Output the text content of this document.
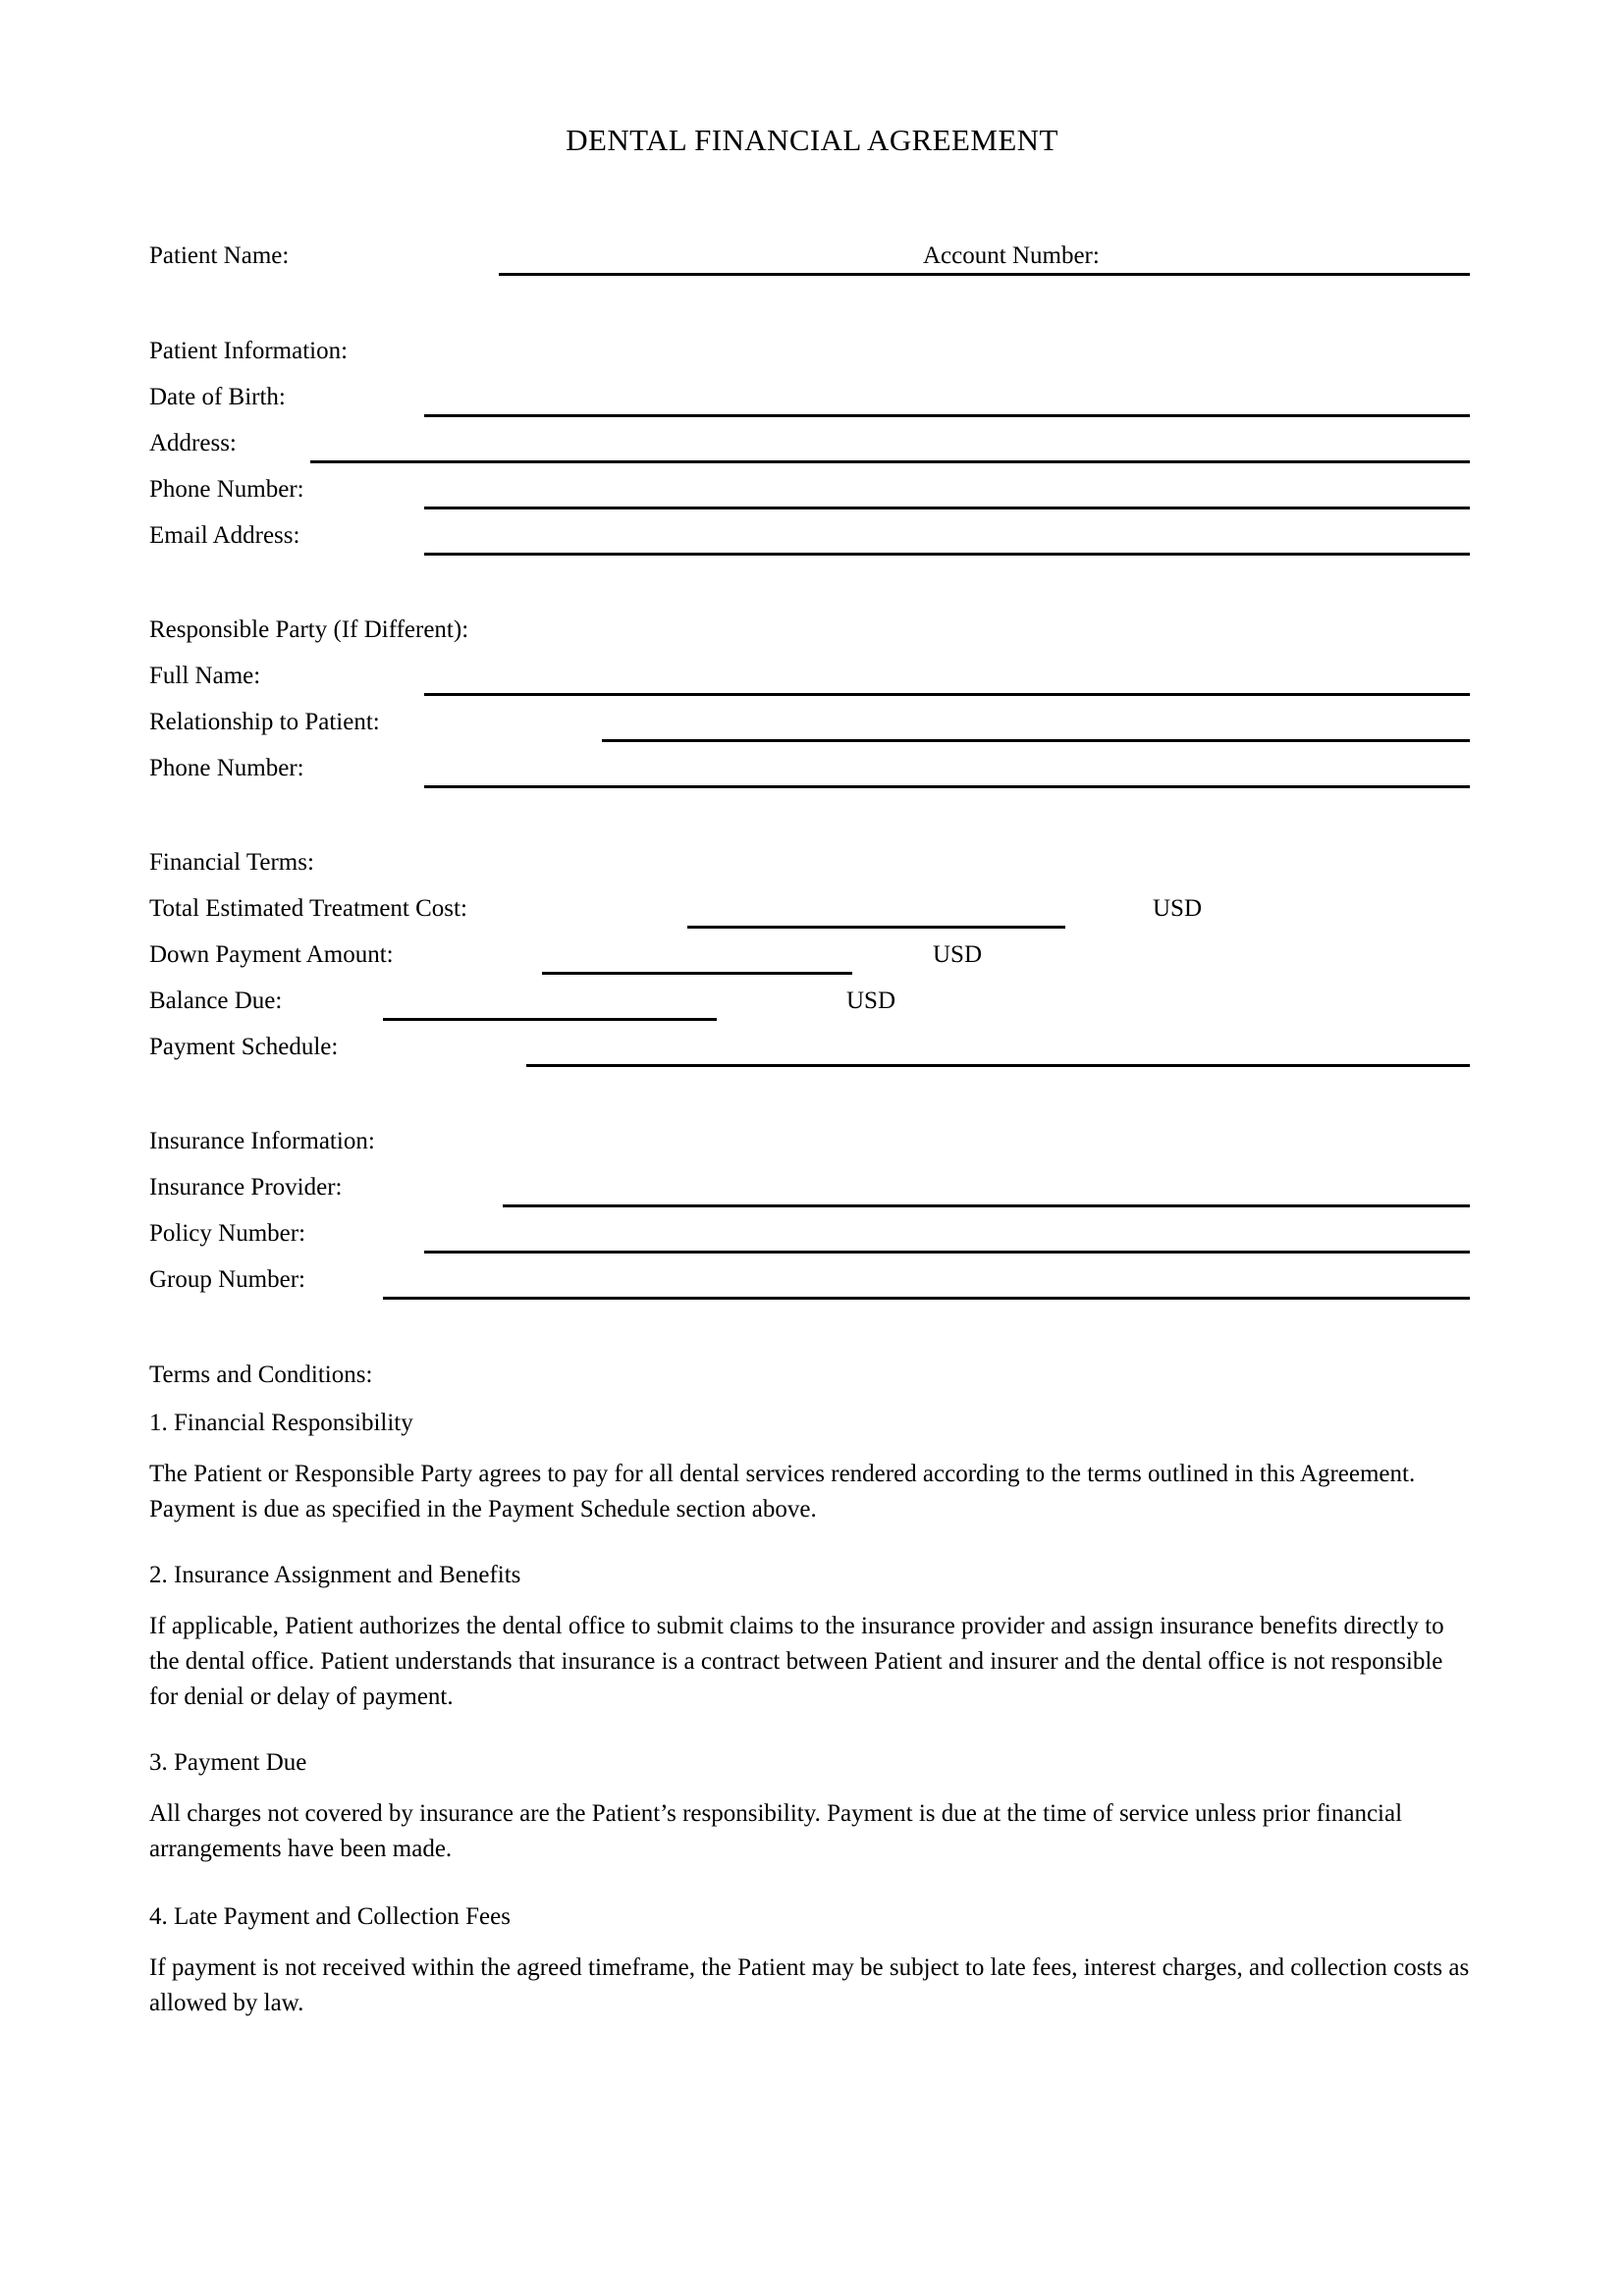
DENTAL FINANCIAL AGREEMENT
Patient Name:	Account Number:
Patient Information:
Date of Birth:
Address:
Phone Number:
Email Address:
Responsible Party (If Different):
Full Name:
Relationship to Patient:
Phone Number:
Financial Terms:
Total Estimated Treatment Cost:	USD
Down Payment Amount:	USD
Balance Due:	USD
Payment Schedule:
Insurance Information:
Insurance Provider:
Policy Number:
Group Number:
Terms and Conditions:

1. Financial Responsibility

The Patient or Responsible Party agrees to pay for all dental services rendered according to the terms outlined in this Agreement. Payment is due as specified in the Payment Schedule section above.

2. Insurance Assignment and Benefits

If applicable, Patient authorizes the dental office to submit claims to the insurance provider and assign insurance benefits directly to the dental office. Patient understands that insurance is a contract between Patient and insurer and the dental office is not responsible for denial or delay of payment.

3. Payment Due

All charges not covered by insurance are the Patient’s responsibility. Payment is due at the time of service unless prior financial arrangements have been made.

4. Late Payment and Collection Fees

If payment is not received within the agreed timeframe, the Patient may be subject to late fees, interest charges, and collection costs as allowed by law.
